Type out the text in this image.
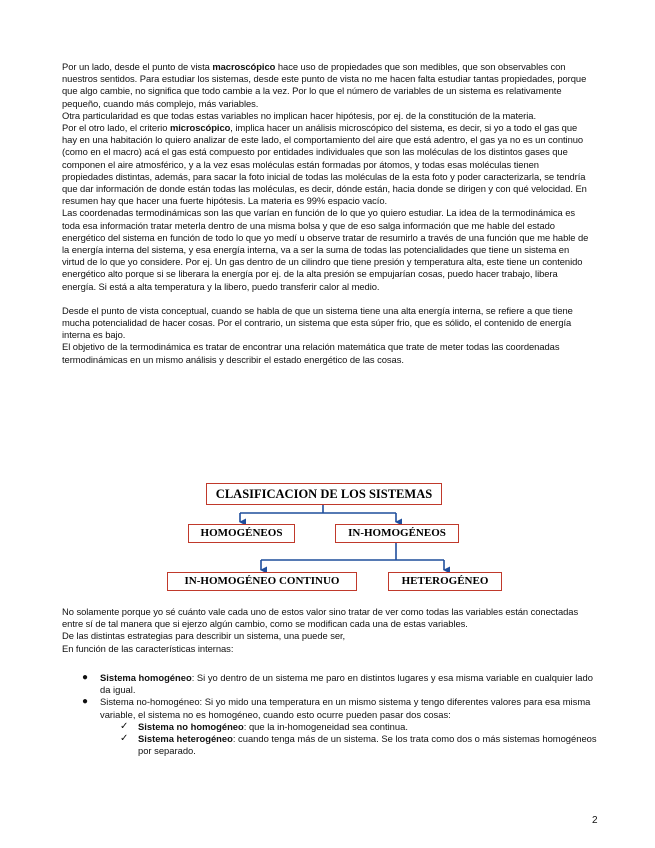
Por un lado, desde el punto de vista macroscópico hace uso de propiedades que son medibles, que son observables con nuestros sentidos. Para estudiar los sistemas, desde este punto de vista no me hacen falta estudiar tantas propiedades, porque que algo cambie, no significa que todo cambie a la vez. Por lo que el número de variables de un sistema es relativamente pequeño, cuando más complejo, más variables.

Otra particularidad es que todas estas variables no implican hacer hipótesis, por ej. de la constitución de la materia.

Por el otro lado, el criterio microscópico, implica hacer un análisis microscópico del sistema, es decir, si yo a todo el gas que hay en una habitación lo quiero analizar de este lado, el comportamiento del aire que está adentro, el gas ya no es un continuo (como en el macro) acá el gas está compuesto por entidades individuales que son las moléculas de los distintos gases que componen el aire atmosférico, y a la vez esas moléculas están formadas por átomos, y todas esas moléculas tienen propiedades distintas, además, para sacar la foto inicial de todas las moléculas de la esta foto y poder caracterizarla, se tendría que dar información de donde están todas las moléculas, es decir, dónde están, hacia donde se dirigen y con qué velocidad. En resumen hay que hacer una fuerte hipótesis. La materia es 99% espacio vacío.

Las coordenadas termodinámicas son las que varían en función de lo que yo quiero estudiar. La idea de la termodinámica es toda esa información tratar meterla dentro de una misma bolsa y que de eso salga información que me hable del estado energético del sistema en función de todo lo que yo medí u observe tratar de resumirlo a través de una función que me hable de la energía interna del sistema, y esa energía interna, va a ser la suma de todas las potencialidades que tiene un sistema en virtud de lo que yo considere. Por ej. Un gas dentro de un cilindro que tiene presión y temperatura alta, este tiene un contenido energético alto porque si se liberara la energía por ej. de la alta presión se empujarían cosas, puedo hacer trabajo, libera energía. Si está a alta temperatura y la libero, puedo transferir calor al medio.

Desde el punto de vista conceptual, cuando se habla de que un sistema tiene una alta energía interna, se refiere a que tiene mucha potencialidad de hacer cosas. Por el contrario, un sistema que esta súper frio, que es sólido, el contenido de energía interna es bajo.

El objetivo de la termodinámica es tratar de encontrar una relación matemática que trate de meter todas las coordenadas termodinámicas en un mismo análisis y describir el estado energético de las cosas.

CLASIFICACION DE LOS SISTEMAS
HOMOGÉNEOS	IN-HOMOGÉNEOS
IN-HOMOGÉNEO CONTINUO	HETEROGÉNEO

No solamente porque yo sé cuánto vale cada uno de estos valor sino tratar de ver como todas las variables están conectadas entre sí de tal manera que si ejerzo algún cambio, como se modifican cada una de estas variables.

De las distintas estrategias para describir un sistema, una puede ser,

En función de las características internas:

● Sistema homogéneo: Si yo dentro de un sistema me paro en distintos lugares y esa misma variable en cualquier lado da igual.
● Sistema no-homogéneo: Si yo mido una temperatura en un mismo sistema y tengo diferentes valores para esa misma variable, el sistema no es homogéneo, cuando esto ocurre pueden pasar dos cosas:
✓ Sistema no homogéneo: que la in-homogeneidad sea continua.
✓ Sistema heterogéneo: cuando tenga más de un sistema. Se los trata como dos o más sistemas homogéneos por separado.
2
